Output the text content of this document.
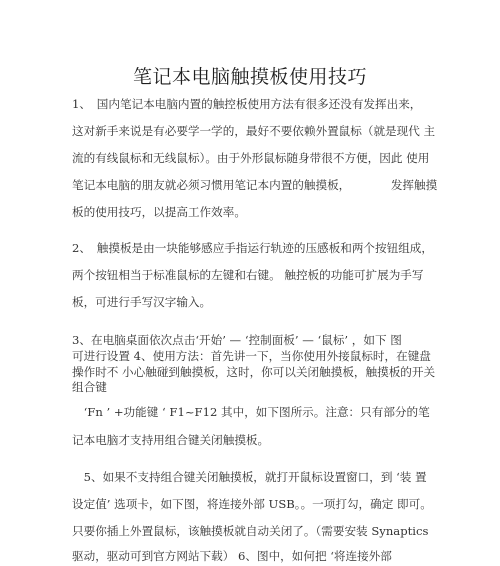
笔记本电脑触摸板使用技巧
1、　国内笔记本电脑内置的触控板使用方法有很多还没有发挥出来，
这对新手来说是有必要学一学的，最好不要依赖外置鼠标（就是现代 主
流的有线鼠标和无线鼠标）。由于外形鼠标随身带很不方便，因此 使用
笔记本电脑的朋友就必须习惯用笔记本内置的触摸板，　　　　发挥触摸
板的使用技巧，以提高工作效率。
2、　触摸板是由一块能够感应手指运行轨迹的压感板和两个按钮组成，
两个按钮相当于标准鼠标的左键和右键。 触控板的功能可扩展为手写
板，可进行手写汉字输入。
3、在电脑桌面依次点击‘开始’ — ‘控制面板’ — ‘鼠标’ ，如下 图
可进行设置 4、使用方法：首先讲一下，当你使用外接鼠标时，在键盘
操作时不 小心触碰到触摸板，这时，你可以关闭触摸板，触摸板的开关
组合键
　‘Fn ’ +功能键 ‘ F1~F12 其中，如下图所示。注意：只有部分的笔
记本电脑才支持用组合键关闭触摸板。
　5、如果不支持组合键关闭触摸板，就打开鼠标设置窗口，到 ‘装 置
设定值’ 选项卡，如下图，将连接外部 USB。。一项打勾，确定 即可。
只要你插上外置鼠标，该触摸板就自动关闭了。（需要安装 Synaptics
驱动，驱动可到官方网站下载） 6、图中，如何把 ‘将连接外部
